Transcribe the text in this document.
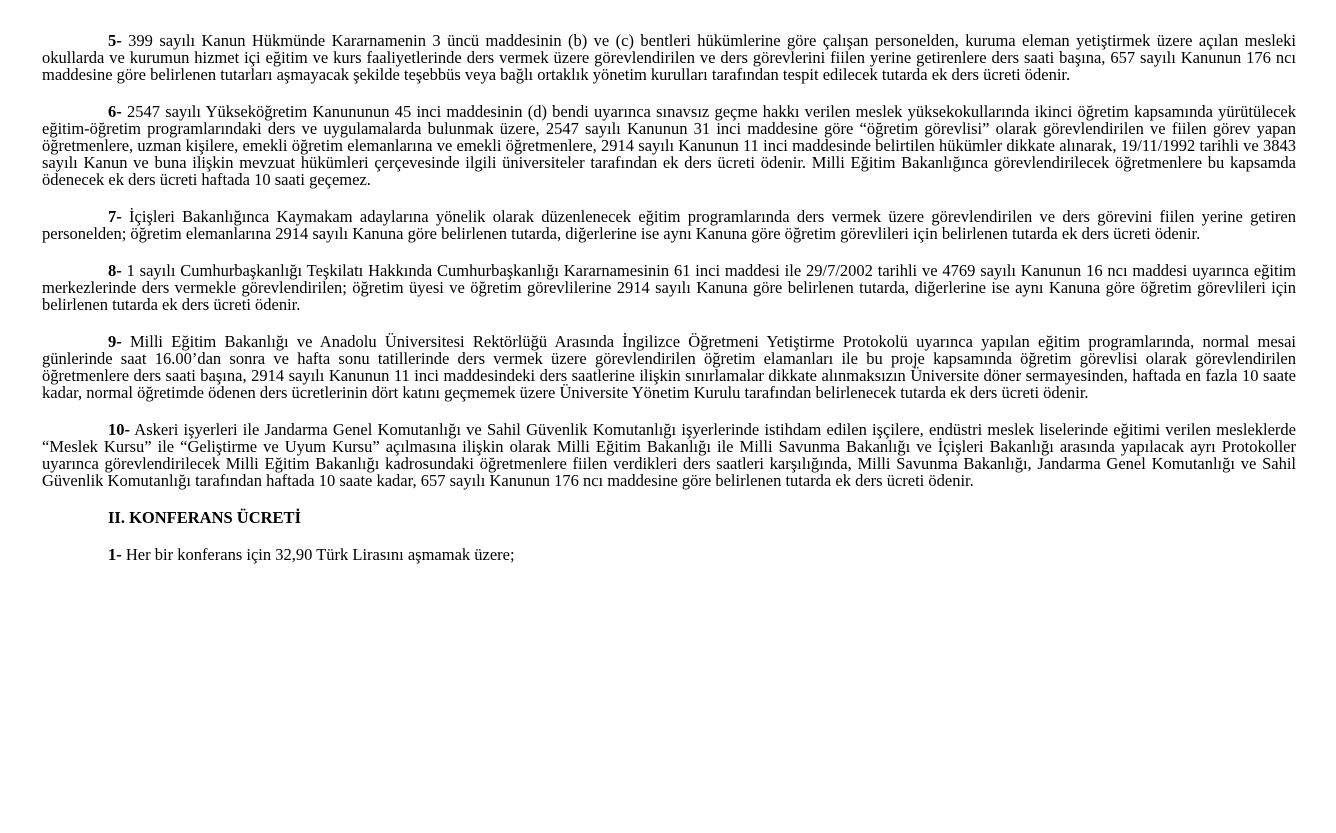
5- 399 sayılı Kanun Hükmünde Kararnamenin 3 üncü maddesinin (b) ve (c) bentleri hükümlerine göre çalışan personelden, kuruma eleman yetiştirmek üzere açılan mesleki okullarda ve kurumun hizmet içi eğitim ve kurs faaliyetlerinde ders vermek üzere görevlendirilen ve ders görevlerini fiilen yerine getirenlere ders saati başına, 657 sayılı Kanunun 176 ncı maddesine göre belirlenen tutarları aşmayacak şekilde teşebbüs veya bağlı ortaklık yönetim kurulları tarafından tespit edilecek tutarda ek ders ücreti ödenir.

6- 2547 sayılı Yükseköğretim Kanununun 45 inci maddesinin (d) bendi uyarınca sınavsız geçme hakkı verilen meslek yüksekokullarında ikinci öğretim kapsamında yürütülecek eğitim-öğretim programlarındaki ders ve uygulamalarda bulunmak üzere, 2547 sayılı Kanunun 31 inci maddesine göre “öğretim görevlisi” olarak görevlendirilen ve fiilen görev yapan öğretmenlere, uzman kişilere, emekli öğretim elemanlarına ve emekli öğretmenlere, 2914 sayılı Kanunun 11 inci maddesinde belirtilen hükümler dikkate alınarak, 19/11/1992 tarihli ve 3843 sayılı Kanun ve buna ilişkin mevzuat hükümleri çerçevesinde ilgili üniversiteler tarafından ek ders ücreti ödenir. Milli Eğitim Bakanlığınca görevlendirilecek öğretmenlere bu kapsamda ödenecek ek ders ücreti haftada 10 saati geçemez.

7- İçişleri Bakanlığınca Kaymakam adaylarına yönelik olarak düzenlenecek eğitim programlarında ders vermek üzere görevlendirilen ve ders görevini fiilen yerine getiren personelden; öğretim elemanlarına 2914 sayılı Kanuna göre belirlenen tutarda, diğerlerine ise aynı Kanuna göre öğretim görevlileri için belirlenen tutarda ek ders ücreti ödenir.

8- 1 sayılı Cumhurbaşkanlığı Teşkilatı Hakkında Cumhurbaşkanlığı Kararnamesinin 61 inci maddesi ile 29/7/2002 tarihli ve 4769 sayılı Kanunun 16 ncı maddesi uyarınca eğitim merkezlerinde ders vermekle görevlendirilen; öğretim üyesi ve öğretim görevlilerine 2914 sayılı Kanuna göre belirlenen tutarda, diğerlerine ise aynı Kanuna göre öğretim görevlileri için belirlenen tutarda ek ders ücreti ödenir.

9- Milli Eğitim Bakanlığı ve Anadolu Üniversitesi Rektörlüğü Arasında İngilizce Öğretmeni Yetiştirme Protokolü uyarınca yapılan eğitim programlarında, normal mesai günlerinde saat 16.00’dan sonra ve hafta sonu tatillerinde ders vermek üzere görevlendirilen öğretim elamanları ile bu proje kapsamında öğretim görevlisi olarak görevlendirilen öğretmenlere ders saati başına, 2914 sayılı Kanunun 11 inci maddesindeki ders saatlerine ilişkin sınırlamalar dikkate alınmaksızın Üniversite döner sermayesinden, haftada en fazla 10 saate kadar, normal öğretimde ödenen ders ücretlerinin dört katını geçmemek üzere Üniversite Yönetim Kurulu tarafından belirlenecek tutarda ek ders ücreti ödenir.

10- Askeri işyerleri ile Jandarma Genel Komutanlığı ve Sahil Güvenlik Komutanlığı işyerlerinde istihdam edilen işçilere, endüstri meslek liselerinde eğitimi verilen mesleklerde “Meslek Kursu” ile “Geliştirme ve Uyum Kursu” açılmasına ilişkin olarak Milli Eğitim Bakanlığı ile Milli Savunma Bakanlığı ve İçişleri Bakanlığı arasında yapılacak ayrı Protokoller uyarınca görevlendirilecek Milli Eğitim Bakanlığı kadrosundaki öğretmenlere fiilen verdikleri ders saatleri karşılığında, Milli Savunma Bakanlığı, Jandarma Genel Komutanlığı ve Sahil Güvenlik Komutanlığı tarafından haftada 10 saate kadar, 657 sayılı Kanunun 176 ncı maddesine göre belirlenen tutarda ek ders ücreti ödenir.

II. KONFERANS ÜCRETİ

1- Her bir konferans için 32,90 Türk Lirasını aşmamak üzere;
